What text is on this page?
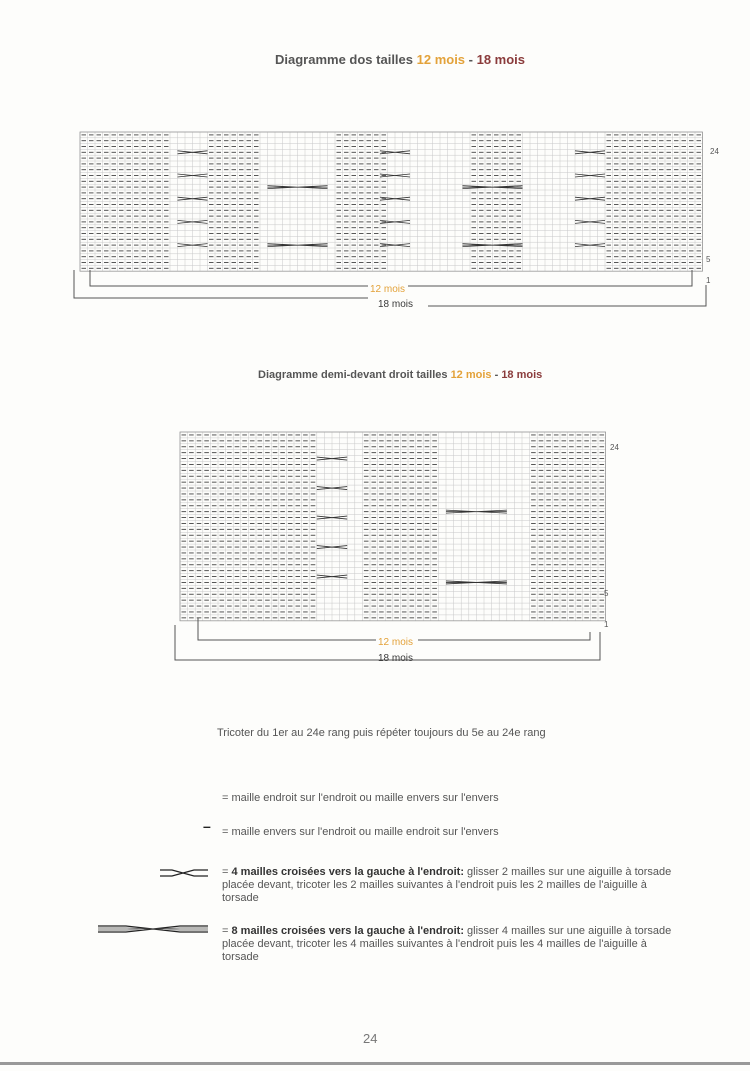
Diagramme dos tailles 12 mois - 18 mois
24
5
1
12 mois
18 mois
Diagramme demi-devant droit tailles 12 mois - 18 mois
24
5
1
12 mois
18 mois
Tricoter du 1er au 24e rang puis répéter toujours du 5e au 24e rang
= maille endroit sur l'endroit ou maille envers sur l'envers
– = maille envers sur l'endroit ou maille endroit sur l'envers
= 4 mailles croisées vers la gauche à l'endroit: glisser 2 mailles sur une aiguille à torsade placée devant, tricoter les 2 mailles suivantes à l'endroit puis les 2 mailles de l'aiguille à torsade
= 8 mailles croisées vers la gauche à l'endroit: glisser 4 mailles sur une aiguille à torsade placée devant, tricoter les 4 mailles suivantes à l'endroit puis les 4 mailles de l'aiguille à torsade
24
